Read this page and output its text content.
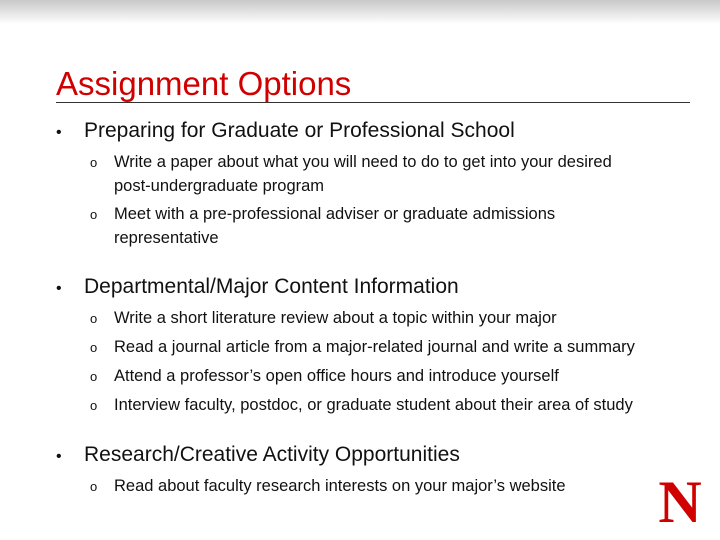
Assignment Options
•	Preparing for Graduate or Professional School
o	Write a paper about what you will need to do to get into your desired post-undergraduate program
o	Meet with a pre-professional adviser or graduate admissions representative
•	Departmental/Major Content Information
o	Write a short literature review about a topic within your major
o	Read a journal article from a major-related journal and write a summary
o	Attend a professor’s open office hours and introduce yourself
o	Interview faculty, postdoc, or graduate student about their area of study
•	Research/Creative Activity Opportunities
o	Read about faculty research interests on your major’s website	N
